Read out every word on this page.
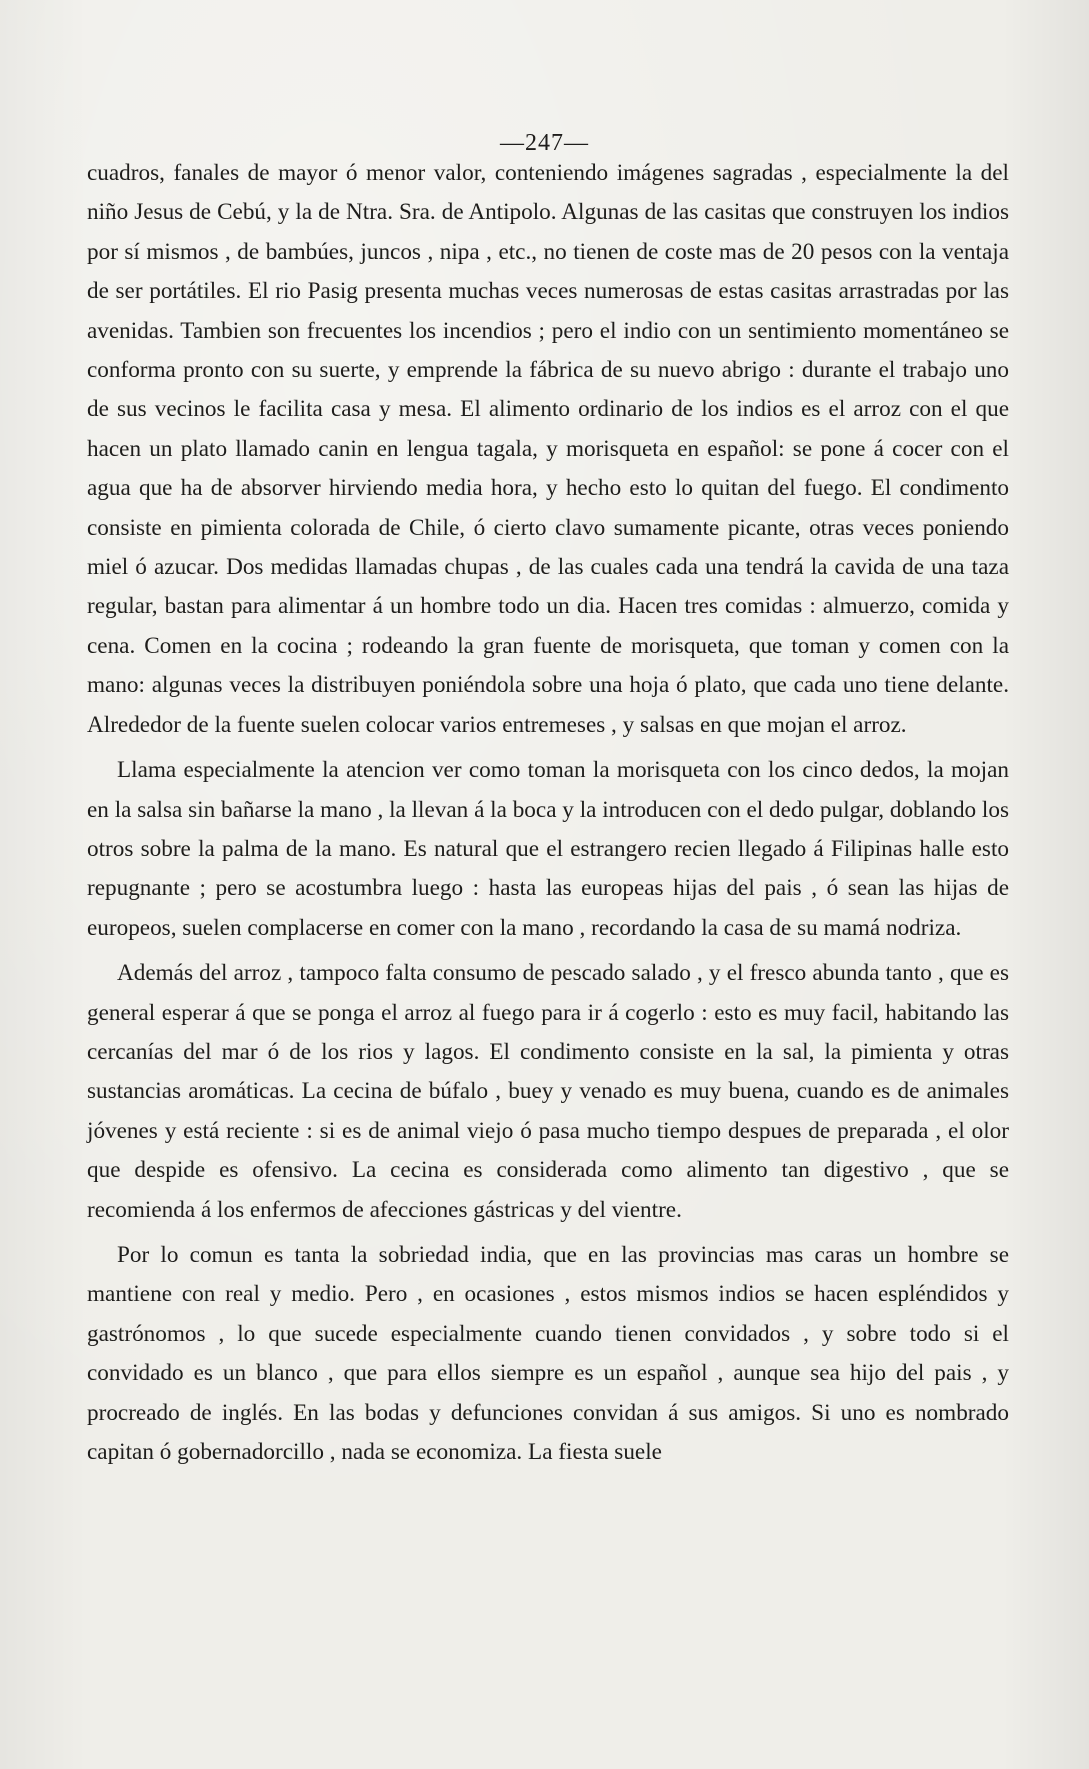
—247—

cuadros, fanales de mayor ó menor valor, conteniendo imágenes sagradas , especialmente la del niño Jesus de Cebú, y la de Ntra. Sra. de Antipolo. Algunas de las casitas que construyen los indios por sí mismos , de bambúes, juncos , nipa , etc., no tienen de coste mas de 20 pesos con la ventaja de ser portátiles. El rio Pasig presenta muchas veces numerosas de estas casitas arrastradas por las avenidas. Tambien son frecuentes los incendios ; pero el indio con un sentimiento momentáneo se conforma pronto con su suerte, y emprende la fábrica de su nuevo abrigo : durante el trabajo uno de sus vecinos le facilita casa y mesa. El alimento ordinario de los indios es el arroz con el que hacen un plato llamado canin en lengua tagala, y morisqueta en español: se pone á cocer con el agua que ha de absorver hirviendo media hora, y hecho esto lo quitan del fuego. El condimento consiste en pimienta colorada de Chile, ó cierto clavo sumamente picante, otras veces poniendo miel ó azucar. Dos medidas llamadas chupas , de las cuales cada una tendrá la cavida de una taza regular, bastan para alimentar á un hombre todo un dia. Hacen tres comidas : almuerzo, comida y cena. Comen en la cocina ; rodeando la gran fuente de morisqueta, que toman y comen con la mano: algunas veces la distribuyen poniéndola sobre una hoja ó plato, que cada uno tiene delante. Alrededor de la fuente suelen colocar varios entremeses , y salsas en que mojan el arroz.

Llama especialmente la atencion ver como toman la morisqueta con los cinco dedos, la mojan en la salsa sin bañarse la mano , la llevan á la boca y la introducen con el dedo pulgar, doblando los otros sobre la palma de la mano. Es natural que el estrangero recien llegado á Filipinas halle esto repugnante ; pero se acostumbra luego : hasta las europeas hijas del pais , ó sean las hijas de europeos, suelen complacerse en comer con la mano , recordando la casa de su mamá nodriza.

Además del arroz , tampoco falta consumo de pescado salado , y el fresco abunda tanto , que es general esperar á que se ponga el arroz al fuego para ir á cogerlo : esto es muy facil, habitando las cercanías del mar ó de los rios y lagos. El condimento consiste en la sal, la pimienta y otras sustancias aromáticas. La cecina de búfalo , buey y venado es muy buena, cuando es de animales jóvenes y está reciente : si es de animal viejo ó pasa mucho tiempo despues de preparada , el olor que despide es ofensivo. La cecina es considerada como alimento tan digestivo , que se recomienda á los enfermos de afecciones gástricas y del vientre.

Por lo comun es tanta la sobriedad india, que en las provincias mas caras un hombre se mantiene con real y medio. Pero , en ocasiones , estos mismos indios se hacen espléndidos y gastrónomos , lo que sucede especialmente cuando tienen convidados , y sobre todo si el convidado es un blanco , que para ellos siempre es un español , aunque sea hijo del pais , y procreado de inglés. En las bodas y defunciones convidan á sus amigos. Si uno es nombrado capitan ó gobernadorcillo , nada se economiza. La fiesta suele
